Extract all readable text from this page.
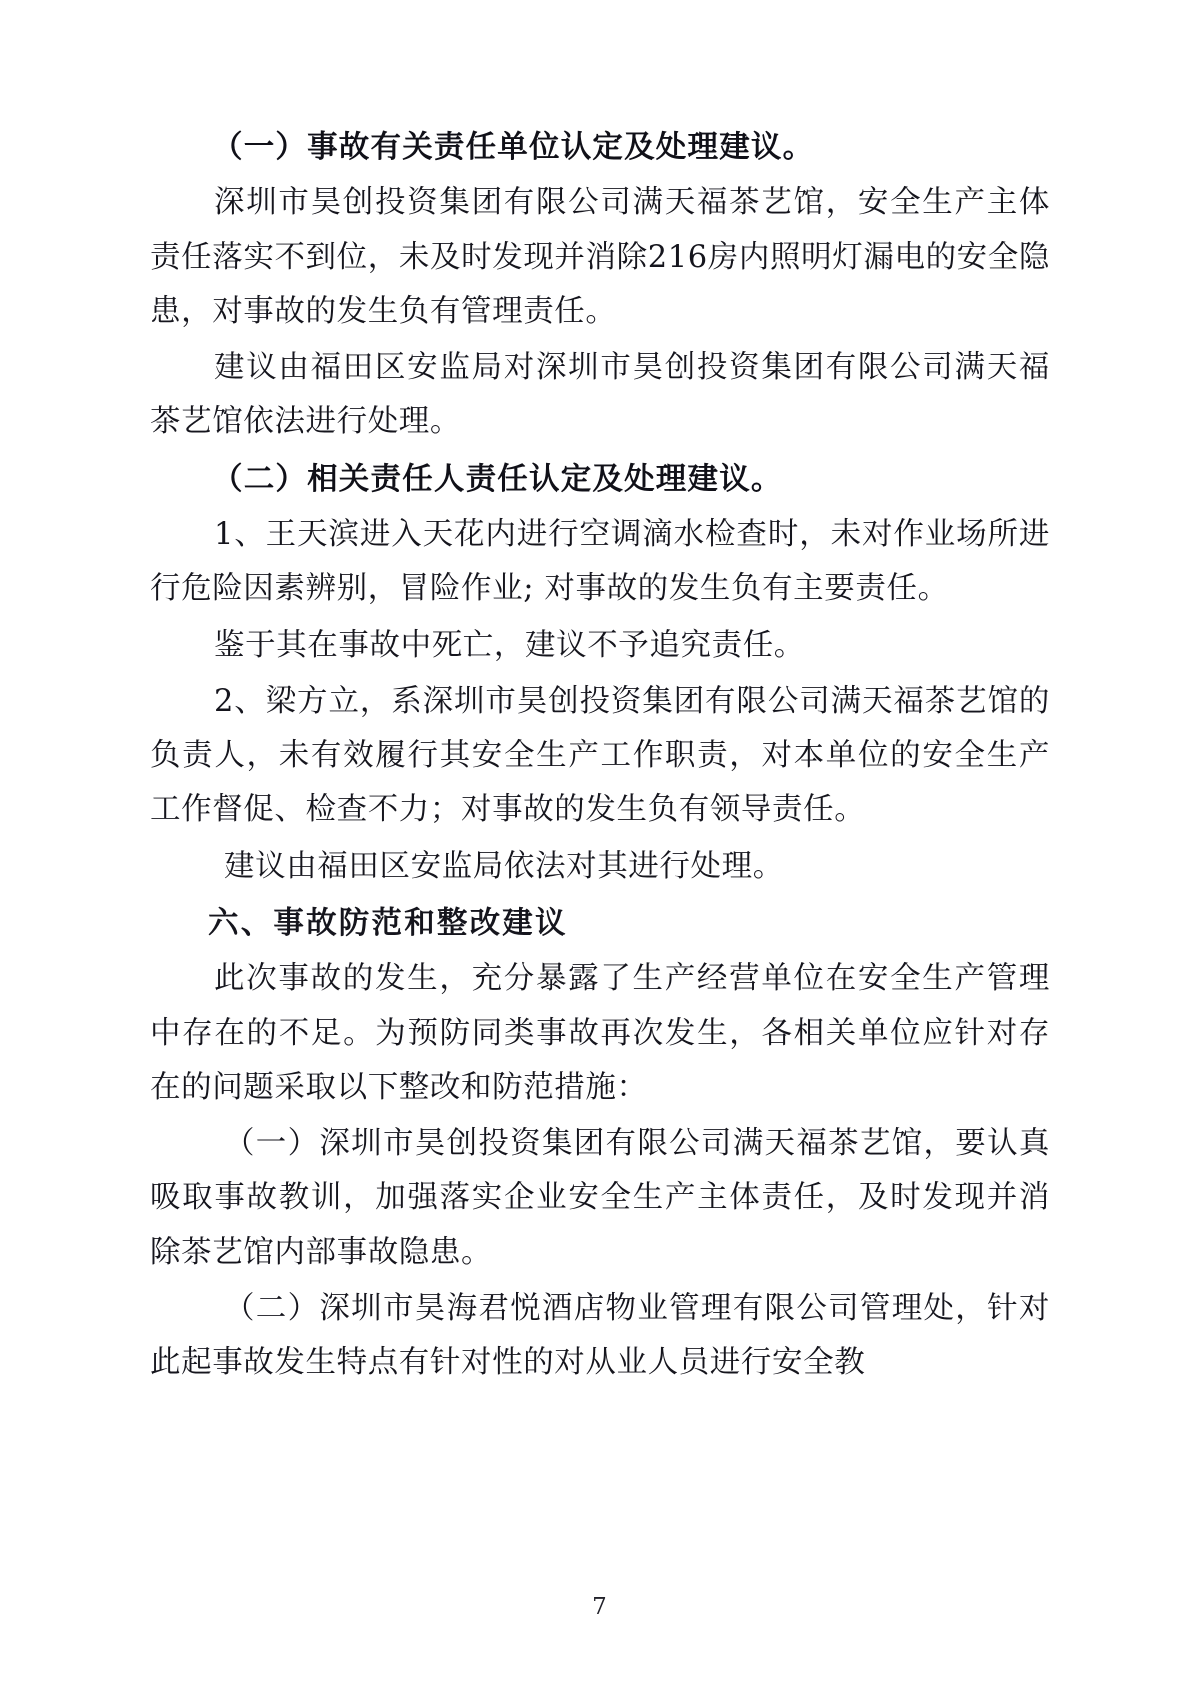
（一）事故有关责任单位认定及处理建议。

深圳市昊创投资集团有限公司满天福茶艺馆，安全生产主体责任落实不到位，未及时发现并消除216房内照明灯漏电的安全隐患，对事故的发生负有管理责任。

建议由福田区安监局对深圳市昊创投资集团有限公司满天福茶艺馆依法进行处理。

（二）相关责任人责任认定及处理建议。

1、王天滨进入天花内进行空调滴水检查时，未对作业场所进行危险因素辨别，冒险作业; 对事故的发生负有主要责任。

鉴于其在事故中死亡，建议不予追究责任。

2、梁方立，系深圳市昊创投资集团有限公司满天福茶艺馆的负责人，未有效履行其安全生产工作职责，对本单位的安全生产工作督促、检查不力；对事故的发生负有领导责任。

建议由福田区安监局依法对其进行处理。

六、事故防范和整改建议

此次事故的发生，充分暴露了生产经营单位在安全生产管理中存在的不足。为预防同类事故再次发生，各相关单位应针对存在的问题采取以下整改和防范措施：

（一）深圳市昊创投资集团有限公司满天福茶艺馆，要认真吸取事故教训，加强落实企业安全生产主体责任，及时发现并消除茶艺馆内部事故隐患。

（二）深圳市昊海君悦酒店物业管理有限公司管理处，针对此起事故发生特点有针对性的对从业人员进行安全教

7
